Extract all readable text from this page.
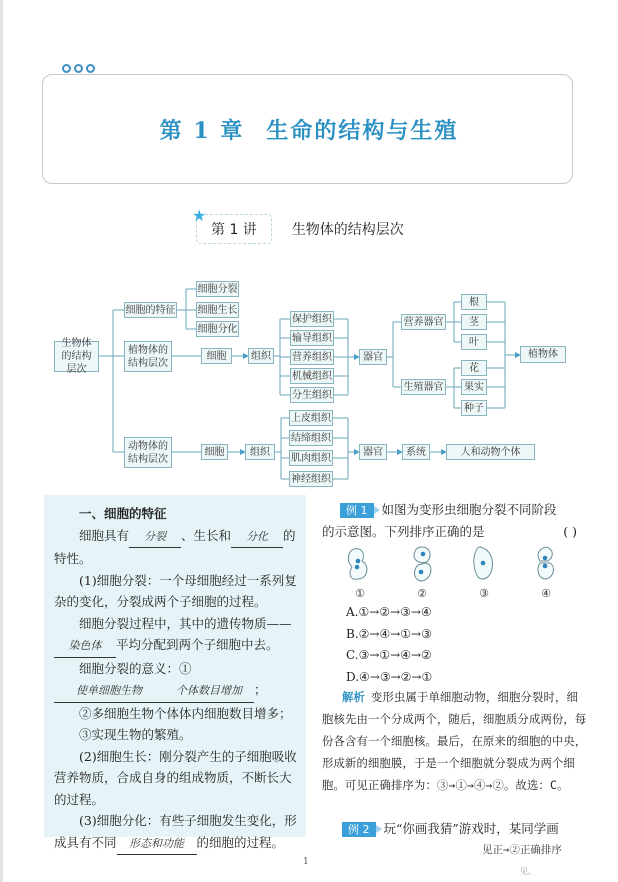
第 1 章 生命的结构与生殖
★
第 1 讲	生物体的结构层次
生物体的结构层次
细胞的特征
细胞分裂
细胞生长
细胞分化
植物体的结构层次
细胞	组织
保护组织
输导组织
营养组织
机械组织
分生组织
器官
营养器官
生殖器官
根
茎
叶
花
果实
种子
植物体
动物体的结构层次
细胞	组织
上皮组织
结缔组织
肌肉组织
神经组织
器官	系统	人和动物个体

一、细胞的特征

细胞具有 分裂 、生长和 分化 的特性。

(1)细胞分裂：一个母细胞经过一系列复杂的变化，分裂成两个子细胞的过程。

细胞分裂过程中，其中的遗传物质——染色体 平均分配到两个子细胞中去。

细胞分裂的意义：①使单细胞生物	个体数目增加 ；

②多细胞生物个体体内细胞数目增多；

③实现生物的繁殖。

(2)细胞生长：刚分裂产生的子细胞吸收营养物质，合成自身的组成物质，不断长大的过程。

(3)细胞分化：有些子细胞发生变化，形成具有不同 形态和功能 的细胞的过程。

例 1 如图为变形虫细胞分裂不同阶段

的示意图。下列排序正确的是	( )

①	②	③	④

A.①→②→③→④

B.②→④→①→③

C.③→①→④→②

D.④→③→②→①

解析 变形虫属于单细胞动物，细胞分裂时，细胞核先由一个分成两个，随后，细胞质分成两份，每份各含有一个细胞核。最后，在原来的细胞的中央，形成新的细胞膜，于是一个细胞就分裂成为两个细胞。可见正确排序为：③→①→④→②。故选：C。

例 2 玩“你画我猜”游戏时，某同学画

见正→②正确排序
1
见。
